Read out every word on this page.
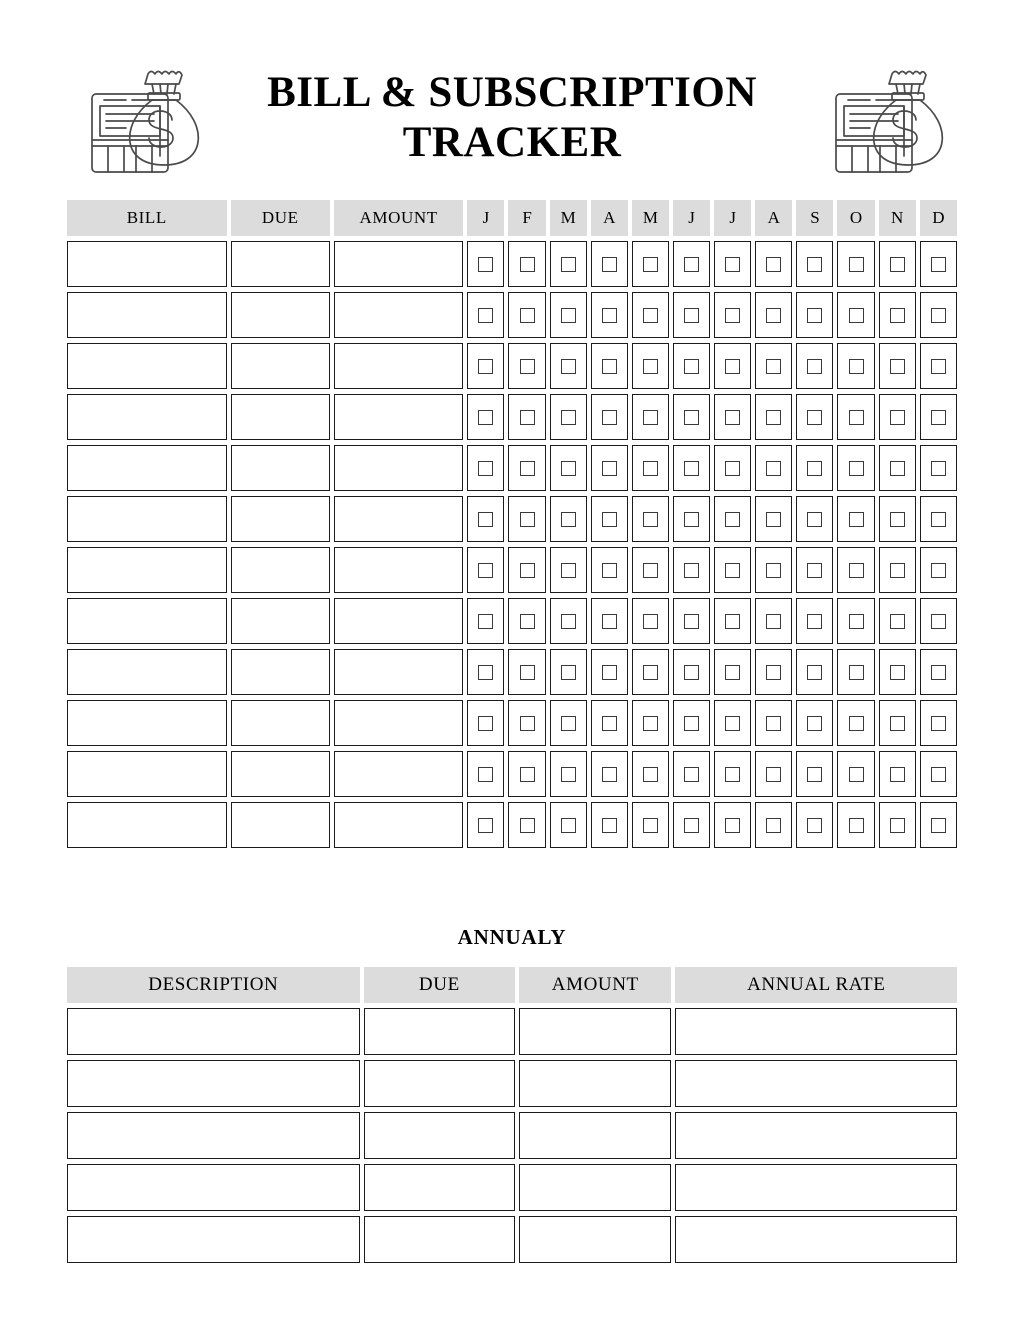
BILL & SUBSCRIPTION
TRACKER
BILL	DUE	AMOUNT	J	F	M	A	M	J	J	A	S	O	N	D

ANNUALY
DESCRIPTION	DUE	AMOUNT	ANNUAL RATE
